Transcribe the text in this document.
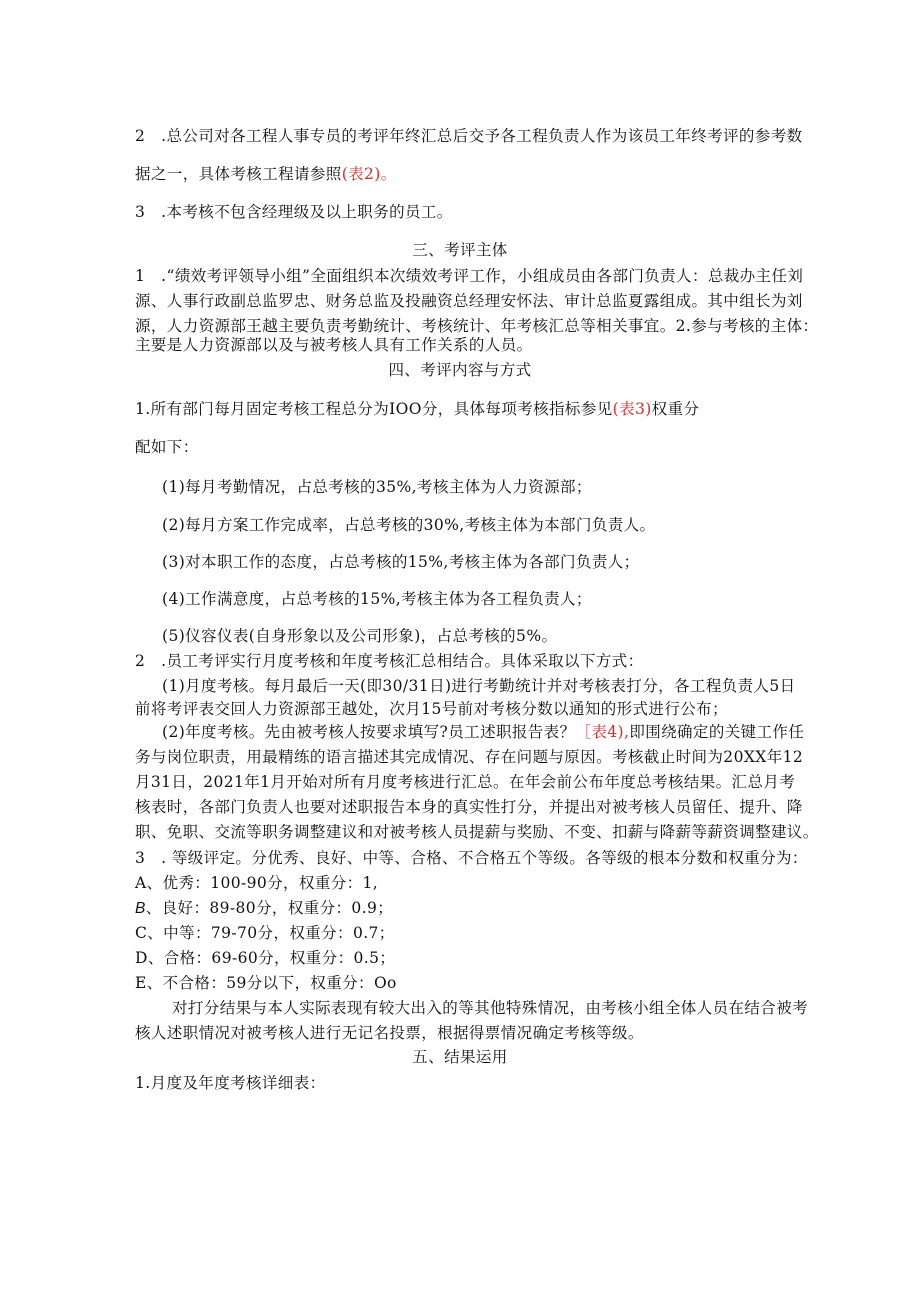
2　.总公司对各工程人事专员的考评年终汇总后交予各工程负责人作为该员工年终考评的参考数
据之一，具体考核工程请参照(表2)。
3　.本考核不包含经理级及以上职务的员工。
三、考评主体
1　.“绩效考评领导小组”全面组织本次绩效考评工作，小组成员由各部门负责人：总裁办主任刘
源、人事行政副总监罗忠、财务总监及投融资总经理安怀法、审计总监夏露组成。其中组长为刘
源，人力资源部王越主要负责考勤统计、考核统计、年考核汇总等相关事宜。2.参与考核的主体：
主要是人力资源部以及与被考核人具有工作关系的人员。
四、考评内容与方式
1.所有部门每月固定考核工程总分为IOO分，具体每项考核指标参见(表3)权重分
配如下：
(1)每月考勤情况，占总考核的35%,考核主体为人力资源部；
(2)每月方案工作完成率，占总考核的30%,考核主体为本部门负责人。
(3)对本职工作的态度，占总考核的15%,考核主体为各部门负责人；
(4)工作满意度，占总考核的15%,考核主体为各工程负责人；
(5)仪容仪表(自身形象以及公司形象)，占总考核的5%。
2　.员工考评实行月度考核和年度考核汇总相结合。具体采取以下方式：
(1)月度考核。每月最后一天(即30/31日)进行考勤统计并对考核表打分，各工程负责人5日
前将考评表交回人力资源部王越处，次月15号前对考核分数以通知的形式进行公布；
(2)年度考核。先由被考核人按要求填写?员工述职报告表？［表4),即围绕确定的关键工作任
务与岗位职责，用最精练的语言描述其完成情况、存在问题与原因。考核截止时间为20XX年12
月31日，2021年1月开始对所有月度考核进行汇总。在年会前公布年度总考核结果。汇总月考
核表时，各部门负责人也要对述职报告本身的真实性打分，并提出对被考核人员留任、提升、降
职、免职、交流等职务调整建议和对被考核人员提薪与奖励、不变、扣薪与降薪等薪资调整建议。
3　. 等级评定。分优秀、良好、中等、合格、不合格五个等级。各等级的根本分数和权重分为：
A、优秀：100-90分，权重分：1,
B、良好：89-80分，权重分：0.9；
C、中等：79-70分，权重分：0.7；
D、合格：69-60分，权重分：0.5；
E、不合格：59分以下，权重分：Oo
对打分结果与本人实际表现有较大出入的等其他特殊情况，由考核小组全体人员在结合被考
核人述职情况对被考核人进行无记名投票，根据得票情况确定考核等级。
五、结果运用
1.月度及年度考核详细表：
